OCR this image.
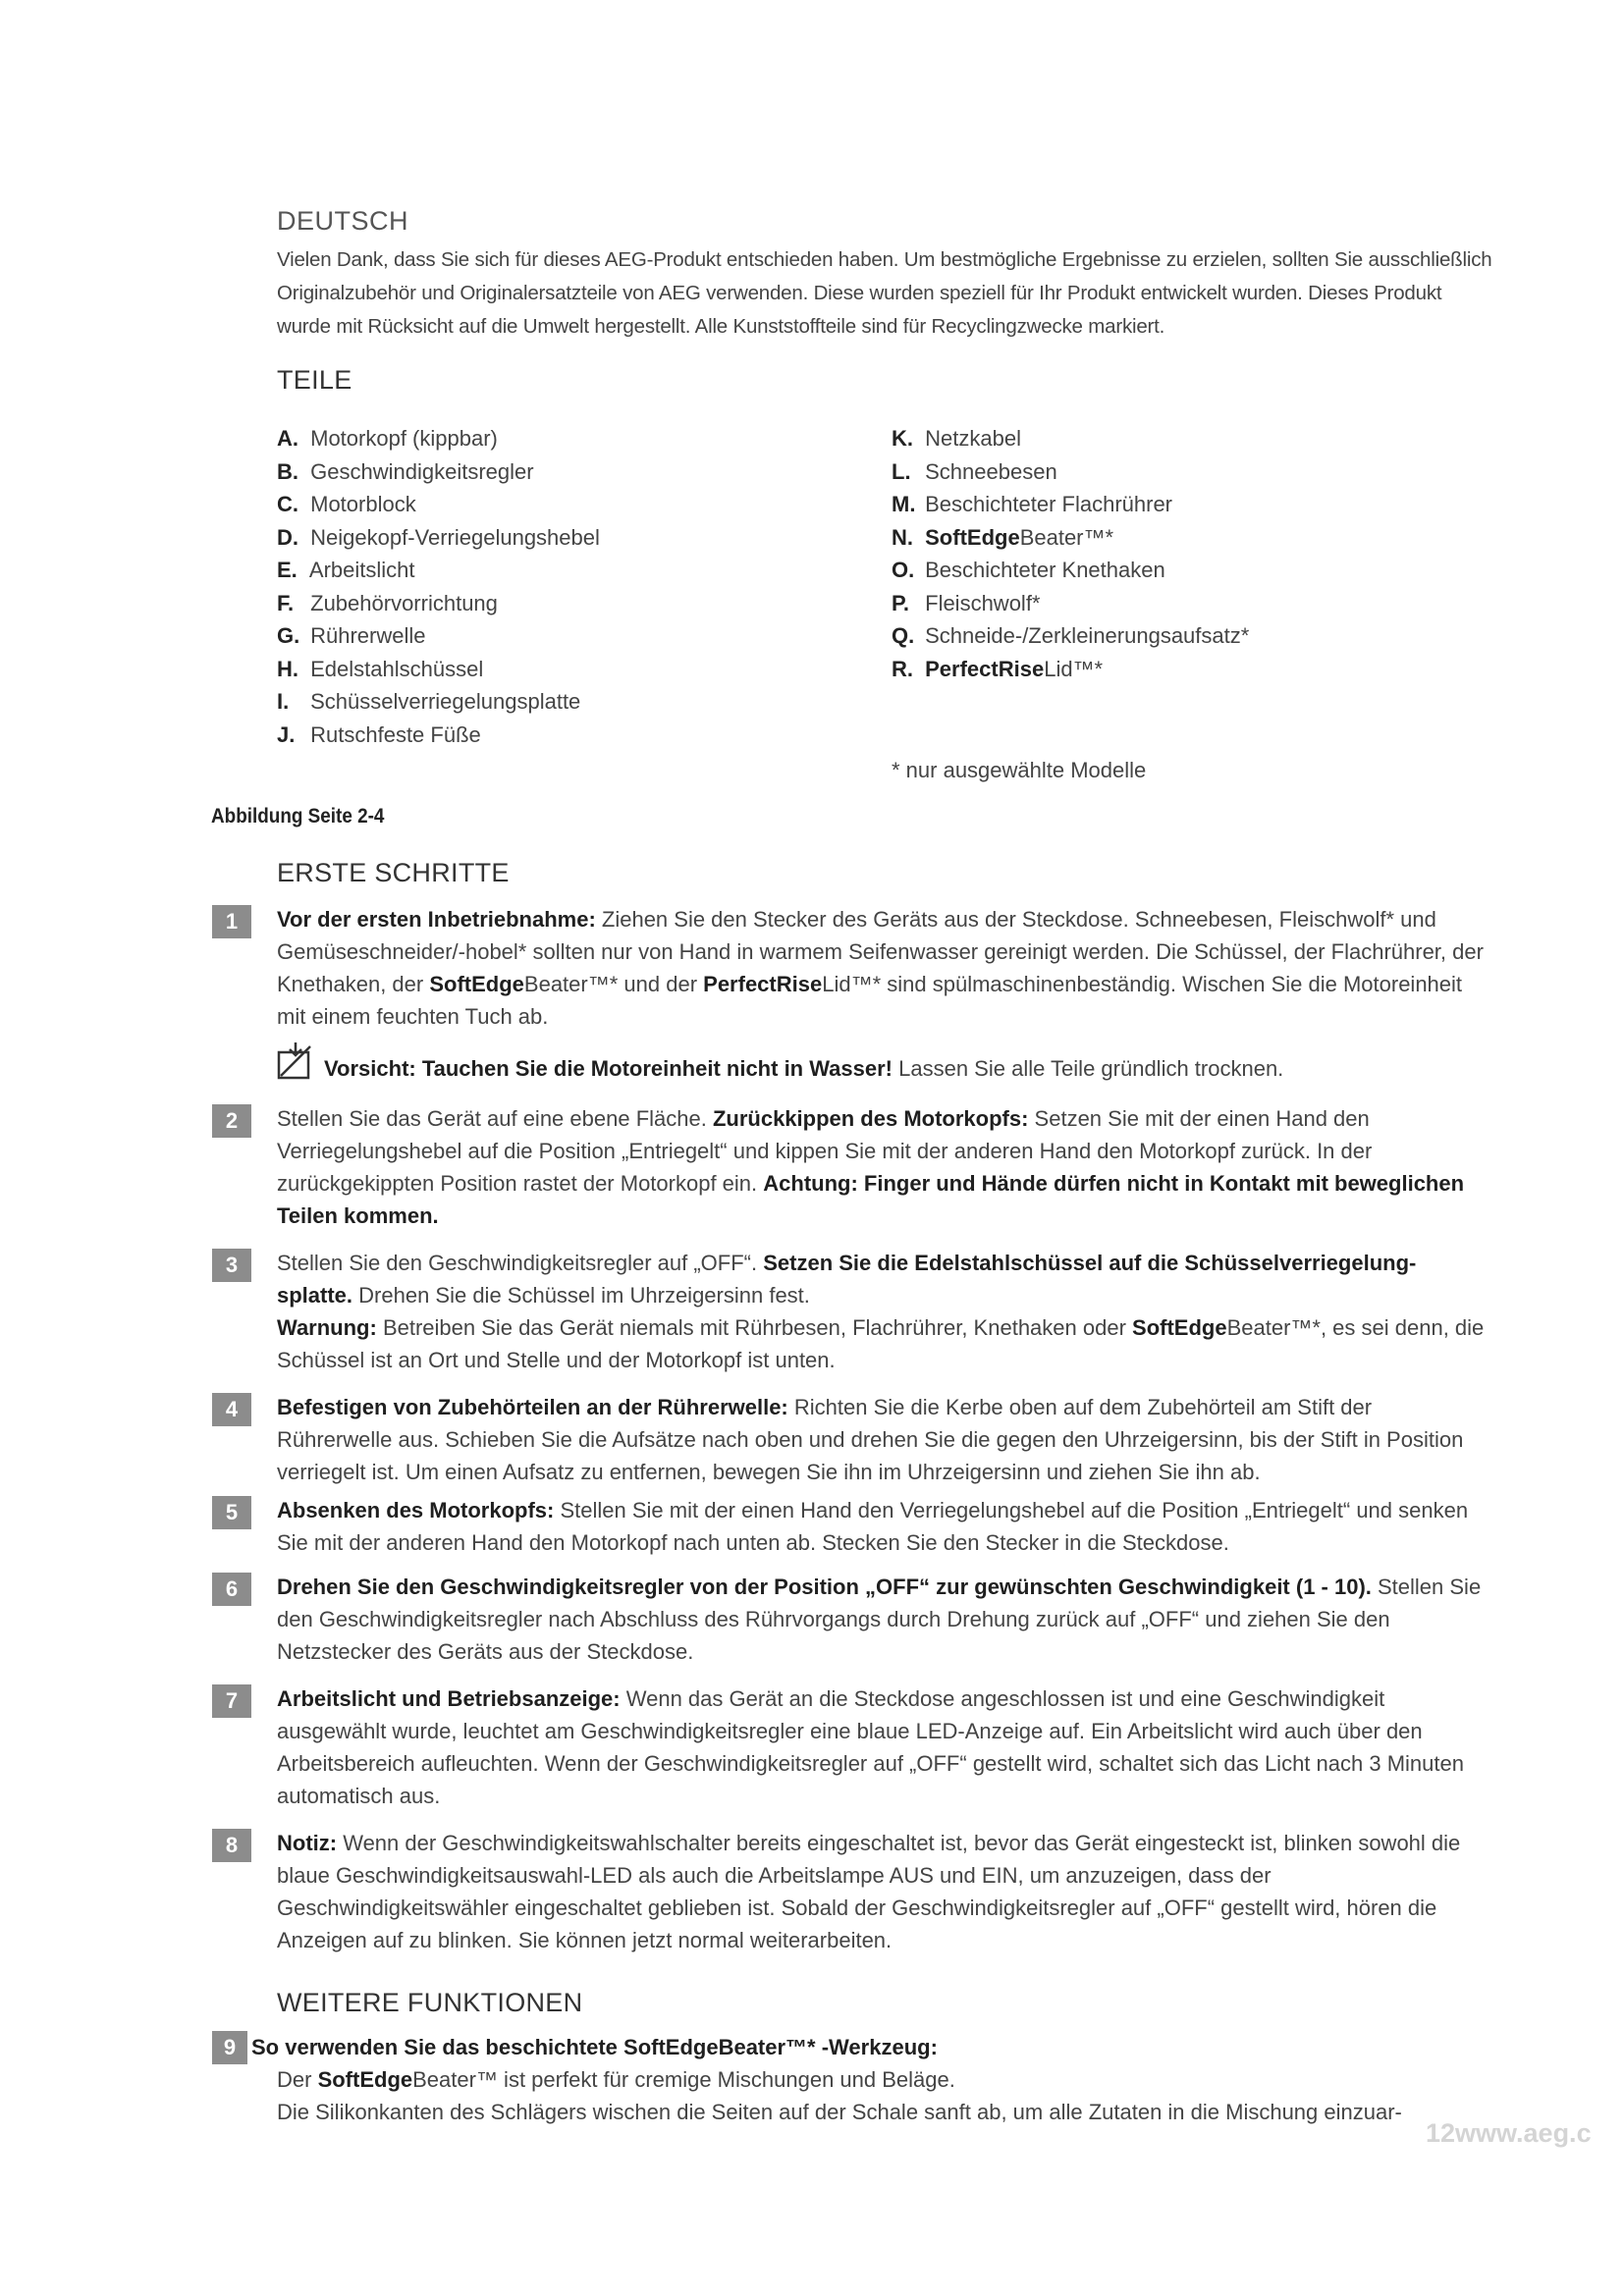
DEUTSCH
Vielen Dank, dass Sie sich für dieses AEG-Produkt entschieden haben. Um bestmögliche Ergebnisse zu erzielen, sollten Sie ausschließlich Originalzubehör und Originalersatzteile von AEG verwenden. Diese wurden speziell für Ihr Produkt entwickelt wurden. Dieses Produkt wurde mit Rücksicht auf die Umwelt hergestellt. Alle Kunststoffteile sind für Recyclingzwecke markiert.
TEILE
A. Motorkopf (kippbar)
B. Geschwindigkeitsregler
C. Motorblock
D. Neigekopf-Verriegelungshebel
E. Arbeitslicht
F. Zubehörvorrichtung
G. Rührerwelle
H. Edelstahlschüssel
I. Schüsselverriegelungsplatte
J. Rutschfeste Füße
K. Netzkabel
L. Schneebesen
M. Beschichteter Flachrührer
N. SoftEdgeBeater™*
O. Beschichteter Knethaken
P. Fleischwolf*
Q. Schneide-/Zerkleinerungsaufsatz*
R. PerfectRiseLid™*
* nur ausgewählte Modelle
Abbildung Seite 2-4
ERSTE SCHRITTE
1
2
3
4
5
6
7
8
9
Vor der ersten Inbetriebnahme: Ziehen Sie den Stecker des Geräts aus der Steckdose. Schneebesen, Fleischwolf* und Gemüseschneider/-hobel* sollten nur von Hand in warmem Seifenwasser gereinigt werden. Die Schüssel, der Flachrührer, der Knethaken, der SoftEdgeBeater™* und der PerfectRiseLid™* sind spülmaschinenbeständig. Wischen Sie die Motoreinheit mit einem feuchten Tuch ab.
Vorsicht: Tauchen Sie die Motoreinheit nicht in Wasser! Lassen Sie alle Teile gründlich trocknen.
Stellen Sie das Gerät auf eine ebene Fläche. Zurückkippen des Motorkopfs: Setzen Sie mit der einen Hand den Verriegelungshebel auf die Position „Entriegelt“ und kippen Sie mit der anderen Hand den Motorkopf zurück. In der zurückgekippten Position rastet der Motorkopf ein. Achtung: Finger und Hände dürfen nicht in Kontakt mit beweglichen Teilen kommen.
Stellen Sie den Geschwindigkeitsregler auf „OFF“. Setzen Sie die Edelstahlschüssel auf die Schüsselverriegelung-splatte. Drehen Sie die Schüssel im Uhrzeigersinn fest.
Warnung: Betreiben Sie das Gerät niemals mit Rührbesen, Flachrührer, Knethaken oder SoftEdgeBeater™*, es sei denn, die Schüssel ist an Ort und Stelle und der Motorkopf ist unten.
Befestigen von Zubehörteilen an der Rührerwelle: Richten Sie die Kerbe oben auf dem Zubehörteil am Stift der Rührerwelle aus. Schieben Sie die Aufsätze nach oben und drehen Sie die gegen den Uhrzeigersinn, bis der Stift in Position verriegelt ist. Um einen Aufsatz zu entfernen, bewegen Sie ihn im Uhrzeigersinn und ziehen Sie ihn ab.
Absenken des Motorkopfs: Stellen Sie mit der einen Hand den Verriegelungshebel auf die Position „Entriegelt“ und senken Sie mit der anderen Hand den Motorkopf nach unten ab. Stecken Sie den Stecker in die Steckdose.
Drehen Sie den Geschwindigkeitsregler von der Position „OFF“ zur gewünschten Geschwindigkeit (1 - 10). Stellen Sie den Geschwindigkeitsregler nach Abschluss des Rührvorgangs durch Drehung zurück auf „OFF“ und ziehen Sie den Netzstecker des Geräts aus der Steckdose.
Arbeitslicht und Betriebsanzeige: Wenn das Gerät an die Steckdose angeschlossen ist und eine Geschwindigkeit ausgewählt wurde, leuchtet am Geschwindigkeitsregler eine blaue LED-Anzeige auf. Ein Arbeitslicht wird auch über den Arbeitsbereich aufleuchten. Wenn der Geschwindigkeitsregler auf „OFF“ gestellt wird, schaltet sich das Licht nach 3 Minuten automatisch aus.
Notiz: Wenn der Geschwindigkeitswahlschalter bereits eingeschaltet ist, bevor das Gerät eingesteckt ist, blinken sowohl die blaue Geschwindigkeitsauswahl-LED als auch die Arbeitslampe AUS und EIN, um anzuzeigen, dass der Geschwindigkeitswähler eingeschaltet geblieben ist. Sobald der Geschwindigkeitsregler auf „OFF“ gestellt wird, hören die Anzeigen auf zu blinken. Sie können jetzt normal weiterarbeiten.
WEITERE FUNKTIONEN
So verwenden Sie das beschichtete SoftEdgeBeater™* -Werkzeug:
Der SoftEdgeBeater™ ist perfekt für cremige Mischungen und Beläge.
Die Silikonkanten des Schlägers wischen die Seiten auf der Schale sanft ab, um alle Zutaten in die Mischung einzuar-
12www.aeg.c
